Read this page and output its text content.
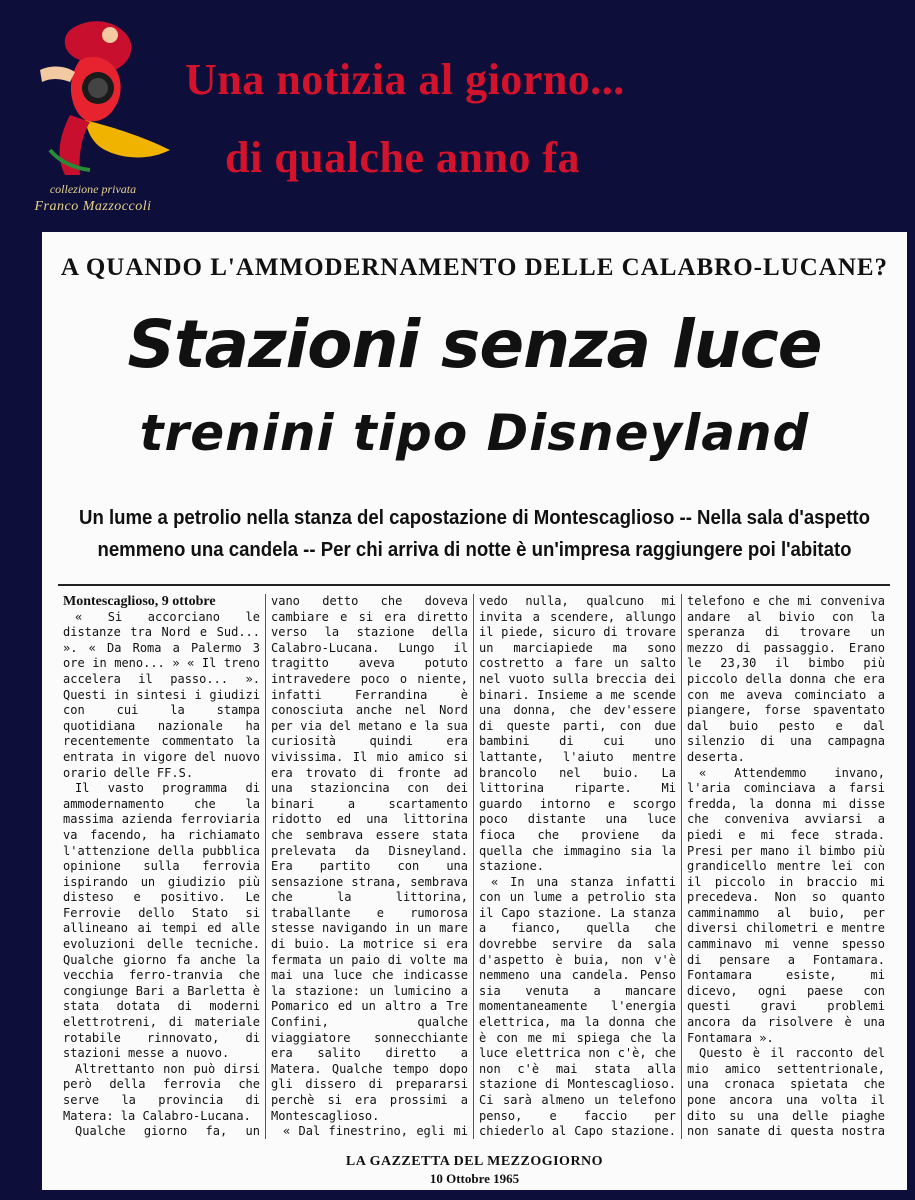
collezione privata
Franco Mazzoccoli
Una notizia al giorno...
di qualche anno fa
A QUANDO L'AMMODERNAMENTO DELLE CALABRO-LUCANE?
Stazioni senza luce
trenini tipo Disneyland
Un lume a petrolio nella stanza del capostazione di Montescaglioso -- Nella sala d'aspetto
nemmeno una candela -- Per chi arriva di notte è un'impresa raggiungere poi l'abitato

Montescaglioso, 9 ottobre

« Si accorciano le distanze tra Nord e Sud... ». « Da Roma a Palermo 3 ore in meno... » « Il treno accelera il passo... ». Questi in sintesi i giudizi con cui la stampa quotidiana nazionale ha recentemente commentato la entrata in vigore del nuovo orario delle FF.S.

Il vasto programma di ammodernamento che la massima azienda ferroviaria va facendo, ha richiamato l'attenzione della pubblica opinione sulla ferrovia ispirando un giudizio più disteso e positivo. Le Ferrovie dello Stato si allineano ai tempi ed alle evoluzioni delle tecniche. Qualche giorno fa anche la vecchia ferro-tranvia che congiunge Bari a Barletta è stata dotata di moderni elettrotreni, di materiale rotabile rinnovato, di stazioni messe a nuovo.

Altrettanto non può dirsi però della ferrovia che serve la provincia di Matera: la Calabro-Lucana.

Qualche giorno fa, un

vano detto che doveva cambiare e si era diretto verso la stazione della Calabro-Lucana. Lungo il tragitto aveva potuto intravedere poco o niente, infatti Ferrandina è conosciuta anche nel Nord per via del metano e la sua curiosità quindi era vivissima. Il mio amico si era trovato di fronte ad una stazioncina con dei binari a scartamento ridotto ed una littorina che sembrava essere stata prelevata da Disneyland. Era partito con una sensazione strana, sembrava che la littorina, traballante e rumorosa stesse navigando in un mare di buio. La motrice si era fermata un paio di volte ma mai una luce che indicasse la stazione: un lumicino a Pomarico ed un altro a Tre Confini, qualche viaggiatore sonnecchiante era salito diretto a Matera. Qualche tempo dopo gli dissero di prepararsi perchè si era prossimi a Montescaglioso.

« Dal finestrino, egli mi

vedo nulla, qualcuno mi invita a scendere, allungo il piede, sicuro di trovare un marciapiede ma sono costretto a fare un salto nel vuoto sulla breccia dei binari. Insieme a me scende una donna, che dev'essere di queste parti, con due bambini di cui uno lattante, l'aiuto mentre brancolo nel buio. La littorina riparte. Mi guardo intorno e scorgo poco distante una luce fioca che proviene da quella che immagino sia la stazione.

« In una stanza infatti con un lume a petrolio sta il Capo stazione. La stanza a fianco, quella che dovrebbe servire da sala d'aspetto è buia, non v'è nemmeno una candela. Penso sia venuta a mancare momentaneamente l'energia elettrica, ma la donna che è con me mi spiega che la luce elettrica non c'è, che non c'è mai stata alla stazione di Montescaglioso. Ci sarà almeno un telefono penso, e faccio per chiederlo al Capo stazione.

telefono e che mi conveniva andare al bivio con la speranza di trovare un mezzo di passaggio. Erano le 23,30 il bimbo più piccolo della donna che era con me aveva cominciato a piangere, forse spaventato dal buio pesto e dal silenzio di una campagna deserta.

« Attendemmo invano, l'aria cominciava a farsi fredda, la donna mi disse che conveniva avviarsi a piedi e mi fece strada. Presi per mano il bimbo più grandicello mentre lei con il piccolo in braccio mi precedeva. Non so quanto camminammo al buio, per diversi chilometri e mentre camminavo mi venne spesso di pensare a Fontamara. Fontamara esiste, mi dicevo, ogni paese con questi gravi problemi ancora da risolvere è una Fontamara ».

Questo è il racconto del mio amico settentrionale, una cronaca spietata che pone ancora una volta il dito su una delle piaghe non sanate di questa nostra

LA GAZZETTA DEL MEZZOGIORNO
10 Ottobre 1965
